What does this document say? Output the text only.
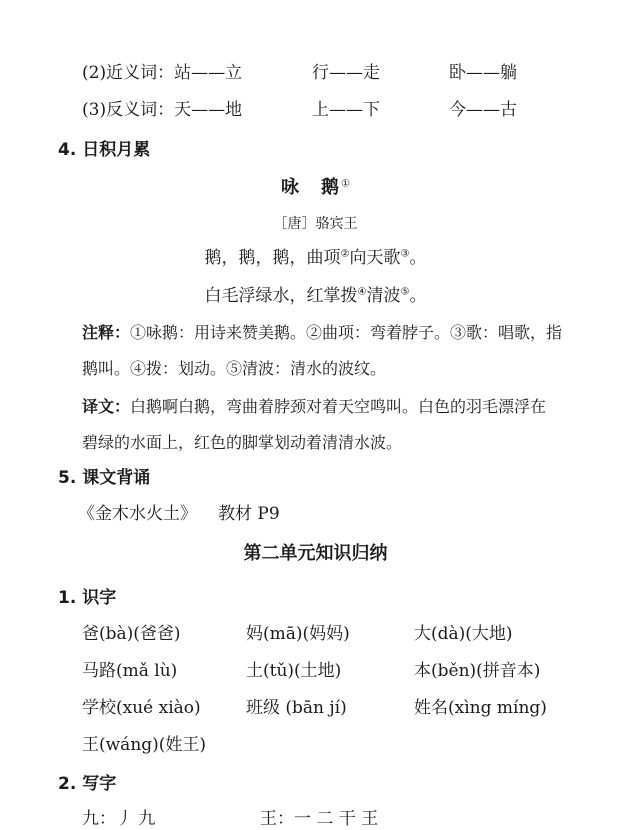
(2)近义词：站——立	行——走	卧——躺
(3)反义词：天——地	上——下	今——古
4. 日积月累
咏　鹅①
［唐］骆宾王
鹅，鹅，鹅，曲项②向天歌③。
白毛浮绿水，红掌拨④清波⑤。
注释：①咏鹅：用诗来赞美鹅。②曲项：弯着脖子。③歌：唱歌，指
鹅叫。④拨：划动。⑤清波：清水的波纹。
译文：白鹅啊白鹅，弯曲着脖颈对着天空鸣叫。白色的羽毛漂浮在
碧绿的水面上，红色的脚掌划动着清清水波。
5. 课文背诵
《金木水火土》 教材 P9
第二单元知识归纳
1. 识字
爸(bà)(爸爸)	妈(mā)(妈妈)	大(dà)(大地)
马路(mǎ lù)	土(tǔ)(土地)	本(běn)(拼音本)
学校(xué xiào)	班级 (bān jí)	姓名(xìng míng)
王(wáng)(姓王)
2. 写字
九：丿 九	王：一 二 干 王
